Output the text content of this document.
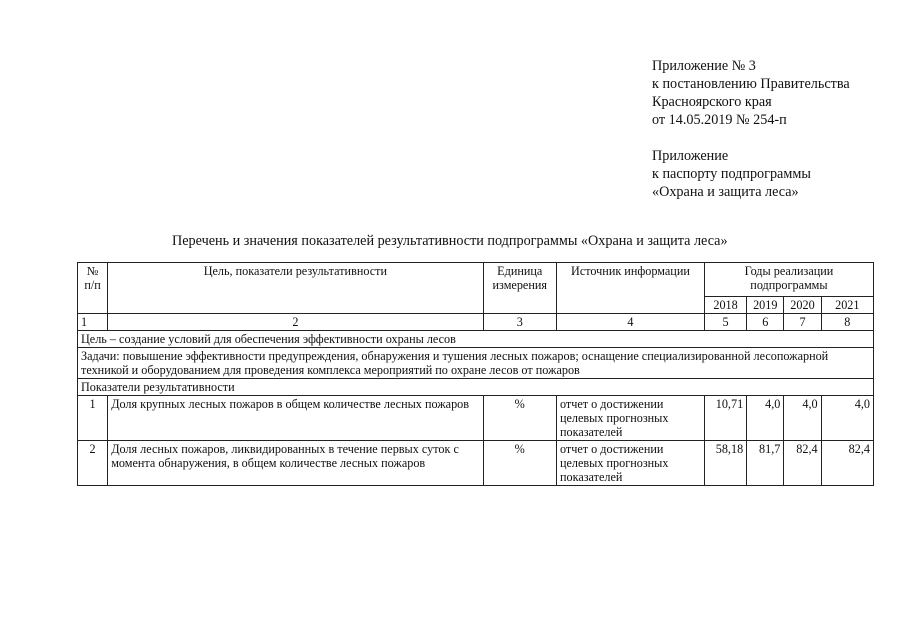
Приложение № 3
к постановлению Правительства
Красноярского края
от 14.05.2019 № 254-п
Приложение
к паспорту подпрограммы
«Охрана и защита леса»
Перечень и значения показателей результативности подпрограммы «Охрана и защита леса»
№ п/п	Цель, показатели результативности	Единица измерения	Источник информации	Годы реализации подпрограммы			
				2018	2019	2020	2021
1	2	3	4	5	6	7	8
Цель – создание условий для обеспечения эффективности охраны лесов							
Задачи: повышение эффективности предупреждения, обнаружения и тушения лесных пожаров; оснащение специализированной лесопожарной техникой и оборудованием для проведения комплекса мероприятий по охране лесов от пожаров							
Показатели результативности							
1	Доля крупных лесных пожаров в общем количестве лесных пожаров	%	отчет о достижении целевых прогнозных показателей	10,71	4,0	4,0	4,0
2	Доля лесных пожаров, ликвидированных в течение первых суток с момента обнаружения, в общем количестве лесных пожаров	%	отчет о достижении целевых прогнозных показателей	58,18	81,7	82,4	82,4
